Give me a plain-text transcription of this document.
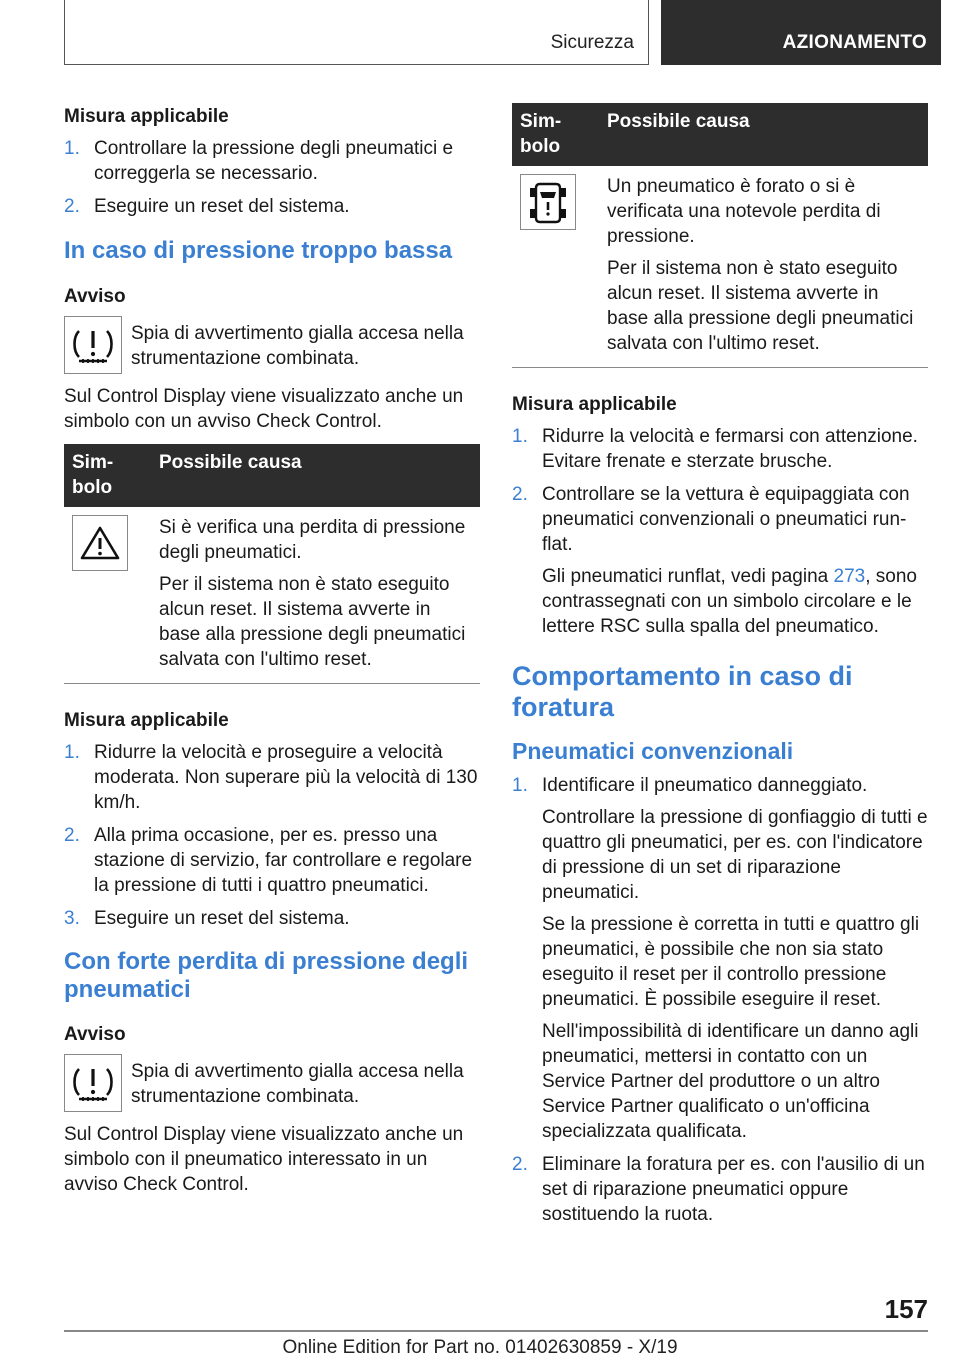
Sicurezza	AZIONAMENTO
Misura applicabile
1. Controllare la pressione degli pneumatici e correggerla se necessario.

2. Eseguire un reset del sistema.

In caso di pressione troppo bassa
Avviso

Spia di avvertimento gialla accesa nella strumentazione combinata.

Sul Control Display viene visualizzato anche un simbolo con un avviso Check Control.

Sim-
bolo	Possibile causa

Si è verifica una perdita di pressione degli pneumatici.

Per il sistema non è stato eseguito alcun reset. Il sistema avverte in base alla pressione degli pneumatici salvata con l'ultimo reset.

Misura applicabile
1. Ridurre la velocità e proseguire a velocità moderata. Non superare più la velocità di 130 km/h.

2. Alla prima occasione, per es. presso una stazione di servizio, far controllare e regolare la pressione di tutti i quattro pneumatici.

3. Eseguire un reset del sistema.

Con forte perdita di pressione degli pneumatici
Avviso

Spia di avvertimento gialla accesa nella strumentazione combinata.

Sul Control Display viene visualizzato anche un simbolo con il pneumatico interessato in un avviso Check Control.

Sim-
bolo	Possibile causa

Un pneumatico è forato o si è verificata una notevole perdita di pressione.

Per il sistema non è stato eseguito alcun reset. Il sistema avverte in base alla pressione degli pneumatici salvata con l'ultimo reset.

Misura applicabile
1. Ridurre la velocità e fermarsi con attenzione. Evitare frenate e sterzate brusche.

2. Controllare se la vettura è equipaggiata con pneumatici convenzionali o pneumatici run-flat.

Gli pneumatici runflat, vedi pagina 273, sono contrassegnati con un simbolo circolare e le lettere RSC sulla spalla del pneumatico.

Comportamento in caso di foratura
Pneumatici convenzionali
1. Identificare il pneumatico danneggiato.

Controllare la pressione di gonfiaggio di tutti e quattro gli pneumatici, per es. con l'indicatore di pressione di un set di riparazione pneumatici.

Se la pressione è corretta in tutti e quattro gli pneumatici, è possibile che non sia stato eseguito il reset per il controllo pressione pneumatici. È possibile eseguire il reset.

Nell'impossibilità di identificare un danno agli pneumatici, mettersi in contatto con un Service Partner del produttore o un altro Service Partner qualificato o un'officina specializzata qualificata.

2. Eliminare la foratura per es. con l'ausilio di un set di riparazione pneumatici oppure sostituendo la ruota.

157
Online Edition for Part no. 01402630859 - X/19
